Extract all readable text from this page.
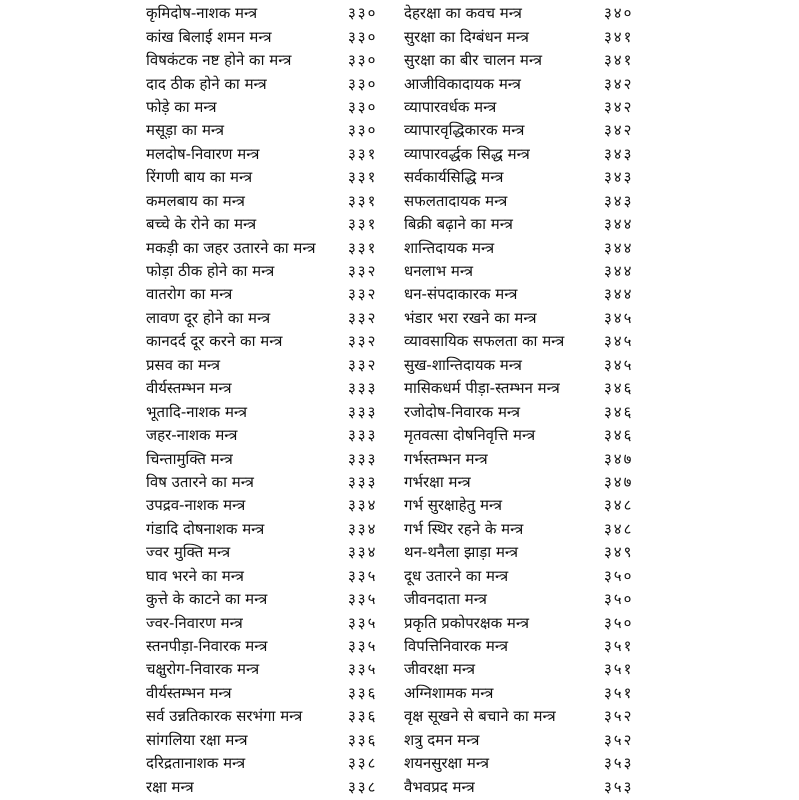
कृमिदोष-नाशक मन्त्र	३३०
कांख बिलाई शमन मन्त्र	३३०
विषकंटक नष्ट होने का मन्त्र	३३०
दाद ठीक होने का मन्त्र	३३०
फोड़े का मन्त्र	३३०
मसूड़ा का मन्त्र	३३०
मलदोष-निवारण मन्त्र	३३१
रिंगणी बाय का मन्त्र	३३१
कमलबाय का मन्त्र	३३१
बच्चे के रोने का मन्त्र	३३१
मकड़ी का जहर उतारने का मन्त्र	३३१
फोड़ा ठीक होने का मन्त्र	३३२
वातरोग का मन्त्र	३३२
लावण दूर होने का मन्त्र	३३२
कानदर्द दूर करने का मन्त्र	३३२
प्रसव का मन्त्र	३३२
वीर्यस्तम्भन मन्त्र	३३३
भूतादि-नाशक मन्त्र	३३३
जहर-नाशक मन्त्र	३३३
चिन्तामुक्ति मन्त्र	३३३
विष उतारने का मन्त्र	३३३
उपद्रव-नाशक मन्त्र	३३४
गंडादि दोषनाशक मन्त्र	३३४
ज्वर मुक्ति मन्त्र	३३४
घाव भरने का मन्त्र	३३५
कुत्ते के काटने का मन्त्र	३३५
ज्वर-निवारण मन्त्र	३३५
स्तनपीड़ा-निवारक मन्त्र	३३५
चक्षुरोग-निवारक मन्त्र	३३५
वीर्यस्तम्भन मन्त्र	३३६
सर्व उन्नतिकारक सरभंगा मन्त्र	३३६
सांगलिया रक्षा मन्त्र	३३६
दरिद्रतानाशक मन्त्र	३३८
रक्षा मन्त्र	३३८
देहरक्षा का कवच मन्त्र	३४०
सुरक्षा का दिग्बंधन मन्त्र	३४१
सुरक्षा का बीर चालन मन्त्र	३४१
आजीविकादायक मन्त्र	३४२
व्यापारवर्धक मन्त्र	३४२
व्यापारवृद्धिकारक मन्त्र	३४२
व्यापारवर्द्धक सिद्ध मन्त्र	३४३
सर्वकार्यसिद्धि मन्त्र	३४३
सफलतादायक मन्त्र	३४३
बिक्री बढ़ाने का मन्त्र	३४४
शान्तिदायक मन्त्र	३४४
धनलाभ मन्त्र	३४४
धन-संपदाकारक मन्त्र	३४४
भंडार भरा रखने का मन्त्र	३४५
व्यावसायिक सफलता का मन्त्र	३४५
सुख-शान्तिदायक मन्त्र	३४५
मासिकधर्म पीड़ा-स्तम्भन मन्त्र	३४६
रजोदोष-निवारक मन्त्र	३४६
मृतवत्सा दोषनिवृत्ति मन्त्र	३४६
गर्भस्तम्भन मन्त्र	३४७
गर्भरक्षा मन्त्र	३४७
गर्भ सुरक्षाहेतु मन्त्र	३४८
गर्भ स्थिर रहने के मन्त्र	३४८
थन-थनैला झाड़ा मन्त्र	३४९
दूध उतारने का मन्त्र	३५०
जीवनदाता मन्त्र	३५०
प्रकृति प्रकोपरक्षक मन्त्र	३५०
विपत्तिनिवारक मन्त्र	३५१
जीवरक्षा मन्त्र	३५१
अग्निशामक मन्त्र	३५१
वृक्ष सूखने से बचाने का मन्त्र	३५२
शत्रु दमन मन्त्र	३५२
शयनसुरक्षा मन्त्र	३५३
वैभवप्रद मन्त्र	३५३
